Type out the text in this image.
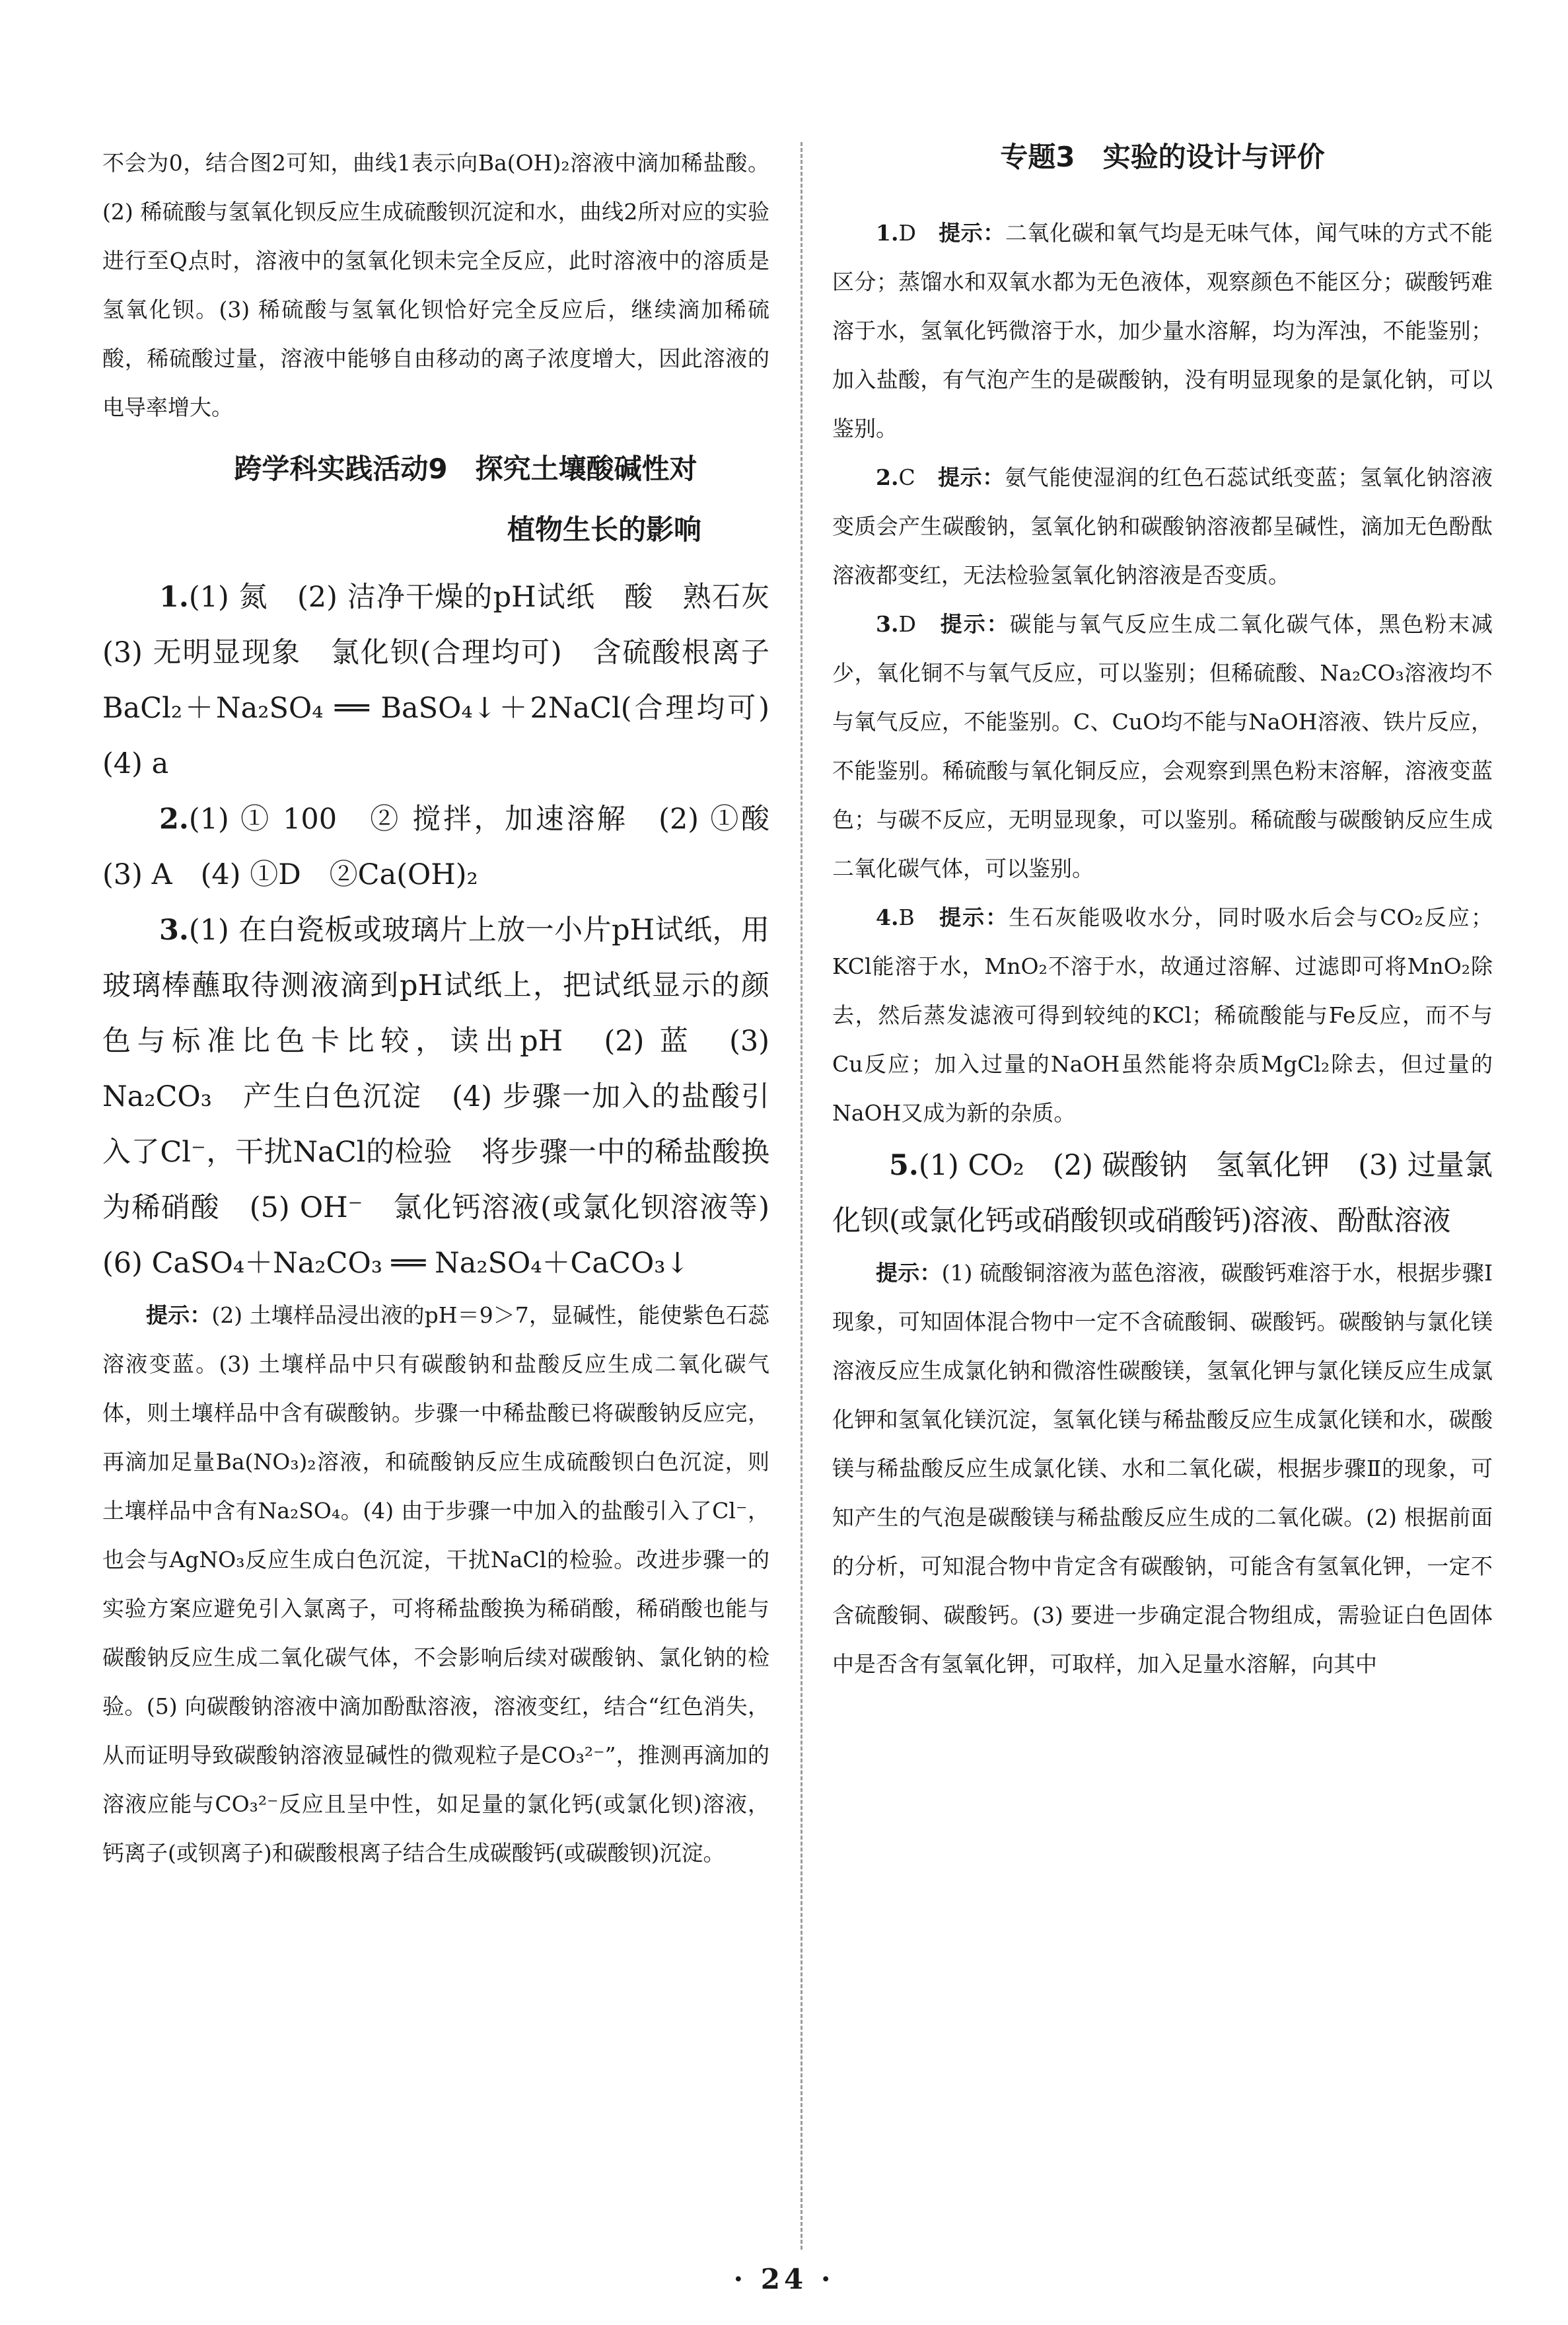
不会为0，结合图2可知，曲线1表示向Ba(OH)₂溶液中滴加稀盐酸。(2) 稀硫酸与氢氧化钡反应生成硫酸钡沉淀和水，曲线2所对应的实验进行至Q点时，溶液中的氢氧化钡未完全反应，此时溶液中的溶质是氢氧化钡。(3) 稀硫酸与氢氧化钡恰好完全反应后，继续滴加稀硫酸，稀硫酸过量，溶液中能够自由移动的离子浓度增大，因此溶液的电导率增大。

跨学科实践活动9　探究土壤酸碱性对
植物生长的影响

1.(1) 氮　(2) 洁净干燥的pH试纸　酸　熟石灰　(3) 无明显现象　氯化钡(合理均可)　含硫酸根离子　BaCl₂＋Na₂SO₄ ══ BaSO₄↓＋2NaCl(合理均可)　(4) a

2.(1) ① 100　② 搅拌，加速溶解　(2) ①酸　(3) A　(4) ①D　②Ca(OH)₂

3.(1) 在白瓷板或玻璃片上放一小片pH试纸，用玻璃棒蘸取待测液滴到pH试纸上，把试纸显示的颜色与标准比色卡比较，读出pH　(2) 蓝　(3) Na₂CO₃　产生白色沉淀　(4) 步骤一加入的盐酸引入了Cl⁻，干扰NaCl的检验　将步骤一中的稀盐酸换为稀硝酸　(5) OH⁻　氯化钙溶液(或氯化钡溶液等)　(6) CaSO₄＋Na₂CO₃ ══ Na₂SO₄＋CaCO₃↓

提示：(2) 土壤样品浸出液的pH＝9＞7，显碱性，能使紫色石蕊溶液变蓝。(3) 土壤样品中只有碳酸钠和盐酸反应生成二氧化碳气体，则土壤样品中含有碳酸钠。步骤一中稀盐酸已将碳酸钠反应完，再滴加足量Ba(NO₃)₂溶液，和硫酸钠反应生成硫酸钡白色沉淀，则土壤样品中含有Na₂SO₄。(4) 由于步骤一中加入的盐酸引入了Cl⁻，也会与AgNO₃反应生成白色沉淀，干扰NaCl的检验。改进步骤一的实验方案应避免引入氯离子，可将稀盐酸换为稀硝酸，稀硝酸也能与碳酸钠反应生成二氧化碳气体，不会影响后续对碳酸钠、氯化钠的检验。(5) 向碳酸钠溶液中滴加酚酞溶液，溶液变红，结合“红色消失，从而证明导致碳酸钠溶液显碱性的微观粒子是CO₃²⁻”，推测再滴加的溶液应能与CO₃²⁻反应且呈中性，如足量的氯化钙(或氯化钡)溶液，钙离子(或钡离子)和碳酸根离子结合生成碳酸钙(或碳酸钡)沉淀。

专题3　实验的设计与评价

1.D　 提示：二氧化碳和氧气均是无味气体，闻气味的方式不能区分；蒸馏水和双氧水都为无色液体，观察颜色不能区分；碳酸钙难溶于水，氢氧化钙微溶于水，加少量水溶解，均为浑浊，不能鉴别；加入盐酸，有气泡产生的是碳酸钠，没有明显现象的是氯化钠，可以鉴别。

2.C　 提示：氨气能使湿润的红色石蕊试纸变蓝；氢氧化钠溶液变质会产生碳酸钠，氢氧化钠和碳酸钠溶液都呈碱性，滴加无色酚酞溶液都变红，无法检验氢氧化钠溶液是否变质。

3.D　 提示：碳能与氧气反应生成二氧化碳气体，黑色粉末减少，氧化铜不与氧气反应，可以鉴别；但稀硫酸、Na₂CO₃溶液均不与氧气反应，不能鉴别。C、CuO均不能与NaOH溶液、铁片反应，不能鉴别。稀硫酸与氧化铜反应，会观察到黑色粉末溶解，溶液变蓝色；与碳不反应，无明显现象，可以鉴别。稀硫酸与碳酸钠反应生成二氧化碳气体，可以鉴别。

4.B　 提示：生石灰能吸收水分，同时吸水后会与CO₂反应；KCl能溶于水，MnO₂不溶于水，故通过溶解、过滤即可将MnO₂除去，然后蒸发滤液可得到较纯的KCl；稀硫酸能与Fe反应，而不与Cu反应；加入过量的NaOH虽然能将杂质MgCl₂除去，但过量的NaOH又成为新的杂质。

5.(1) CO₂　(2) 碳酸钠　氢氧化钾　(3) 过量氯化钡(或氯化钙或硝酸钡或硝酸钙)溶液、酚酞溶液

提示：(1) 硫酸铜溶液为蓝色溶液，碳酸钙难溶于水，根据步骤Ⅰ现象，可知固体混合物中一定不含硫酸铜、碳酸钙。碳酸钠与氯化镁溶液反应生成氯化钠和微溶性碳酸镁，氢氧化钾与氯化镁反应生成氯化钾和氢氧化镁沉淀，氢氧化镁与稀盐酸反应生成氯化镁和水，碳酸镁与稀盐酸反应生成氯化镁、水和二氧化碳，根据步骤Ⅱ的现象，可知产生的气泡是碳酸镁与稀盐酸反应生成的二氧化碳。(2) 根据前面的分析，可知混合物中肯定含有碳酸钠，可能含有氢氧化钾，一定不含硫酸铜、碳酸钙。(3) 要进一步确定混合物组成，需验证白色固体中是否含有氢氧化钾，可取样，加入足量水溶解，向其中

· 24 ·
